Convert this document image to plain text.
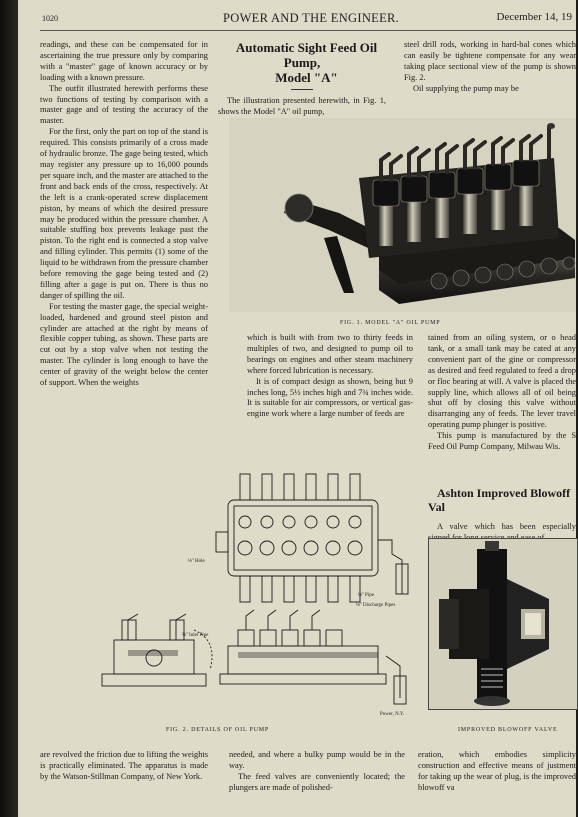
1020	POWER AND THE ENGINEER.	December 14, 19

readings, and these can be compensated for in ascertaining the true pressure only by comparing with a "master" gage of known accuracy or by loading with a known pressure.

The outfit illustrated herewith performs these two functions of testing by comparison with a master gage and of testing the accuracy of the master.

For the first, only the part on top of the stand is required. This consists primarily of a cross made of hydraulic bronze. The gage being tested, which may register any pressure up to 16,000 pounds per square inch, and the master are attached to the front and back ends of the cross, respectively. At the left is a crank-operated screw displacement piston, by means of which the desired pressure may be produced within the pressure chamber. A suitable stuffing box prevents leakage past the piston. To the right end is connected a stop valve and filling cylinder. This permits (1) some of the liquid to be withdrawn from the pressure chamber before removing the gage being tested and (2) filling after a gage is put on. There is thus no danger of spilling the oil.

For testing the master gage, the special weight-loaded, hardened and ground steel piston and cylinder are attached at the right by means of flexible copper tubing, as shown. These parts are cut out by a stop valve when not testing the master. The cylinder is long enough to have the center of gravity of the weight below the center of support. When the weights

Automatic Sight Feed Oil Pump,

Model "A"

The illustration presented herewith, in Fig. 1, shows the Model "A" oil pump,

steel drill rods, working in hard-bal cones which can easily be tightene compensate for any wear taking place sectional view of the pump is shown Fig. 2.

Oil supplying the pump may be

FIG. 1. MODEL "A" OIL PUMP

which is built with from two to thirty feeds in multiples of two, and designed to pump oil to bearings on engines and other steam machinery where forced lubrication is necessary.

It is of compact design as shown, being but 9 inches long, 5½ inches high and 7¾ inches wide. It is suitable for air compressors, or vertical gas-engine work where a large number of feeds are

tained from an oiling system, or o head tank, or a small tank may be cated at any convenient part of the gine or compressor as desired and feed regulated to feed a drop or floc bearing at will. A valve is placed the supply line, which allows all of oil being shut off by closing this valve without disarranging any of feeds. The lever travel operating pump plunger is positive.

This pump is manufactured by the S Feed Oil Pump Company, Milwau Wis.

Ashton Improved Blowoff Val

A valve which has been especially

IMPROVED BLOWOFF VALVE
⅛" Hole
⅛" Pipe
⅛" Discharge Pipes
⅜" Inlet Pipe
Power, N.Y.
FIG. 2. DETAILS OF OIL PUMP

are revolved the friction due to lifting the weights is practically eliminated. The apparatus is made by the Watson-Stillman Company, of New York.

needed, and where a bulky pump would be in the way.

The feed valves are conveniently located; the plungers are made of polished-

eration, which embodies simplicity construction and effective means of justment for taking up the wear of plug, is the improved blowoff va
